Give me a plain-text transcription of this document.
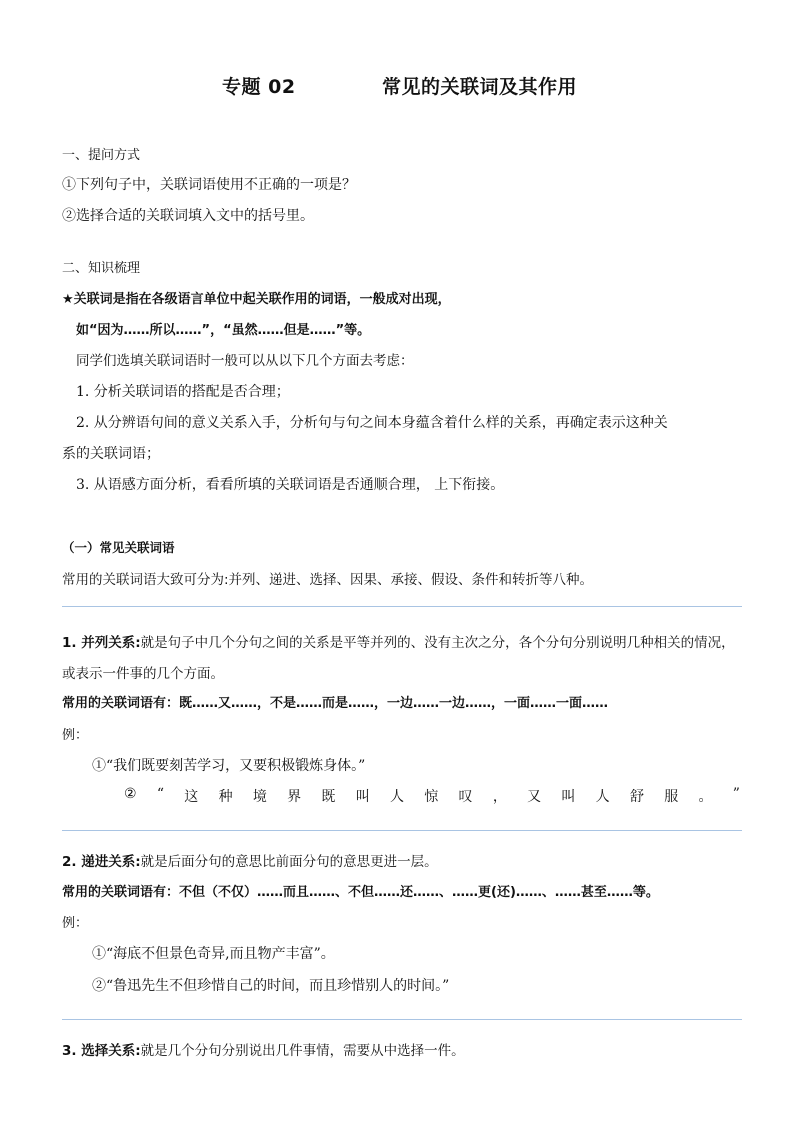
专题 02	常见的关联词及其作用
一、提问方式
①下列句子中，关联词语使用不正确的一项是？
②选择合适的关联词填入文中的括号里。
二、知识梳理
★关联词是指在各级语言单位中起关联作用的词语，一般成对出现，
如“因为……所以……”，“虽然……但是……”等。
同学们选填关联词语时一般可以从以下几个方面去考虑：
1. 分析关联词语的搭配是否合理；
2. 从分辨语句间的意义关系入手，分析句与句之间本身蕴含着什么样的关系，再确定表示这种关
系的关联词语；
3. 从语感方面分析，看看所填的关联词语是否通顺合理， 上下衔接。
（一）常见关联词语
常用的关联词语大致可分为:并列、递进、选择、因果、承接、假设、条件和转折等八种。
1. 并列关系:就是句子中几个分句之间的关系是平等并列的、没有主次之分，各个分句分别说明几种相关的情况，
或表示一件事的几个方面。
常用的关联词语有：既……又……，不是……而是……，一边……一边……，一面……一面……
例：
①“我们既要刻苦学习，又要积极锻炼身体。”
② “ 这 种 境 界 既 叫 人 惊 叹 ， 又 叫 人 舒 服 。 ”
2. 递进关系:就是后面分句的意思比前面分句的意思更进一层。
常用的关联词语有：不但（不仅）……而且……、不但……还……、……更(还)……、……甚至……等。
例：
①“海底不但景色奇异,而且物产丰富”。
②“鲁迅先生不但珍惜自己的时间，而且珍惜别人的时间。”
3. 选择关系:就是几个分句分别说出几件事情，需要从中选择一件。
